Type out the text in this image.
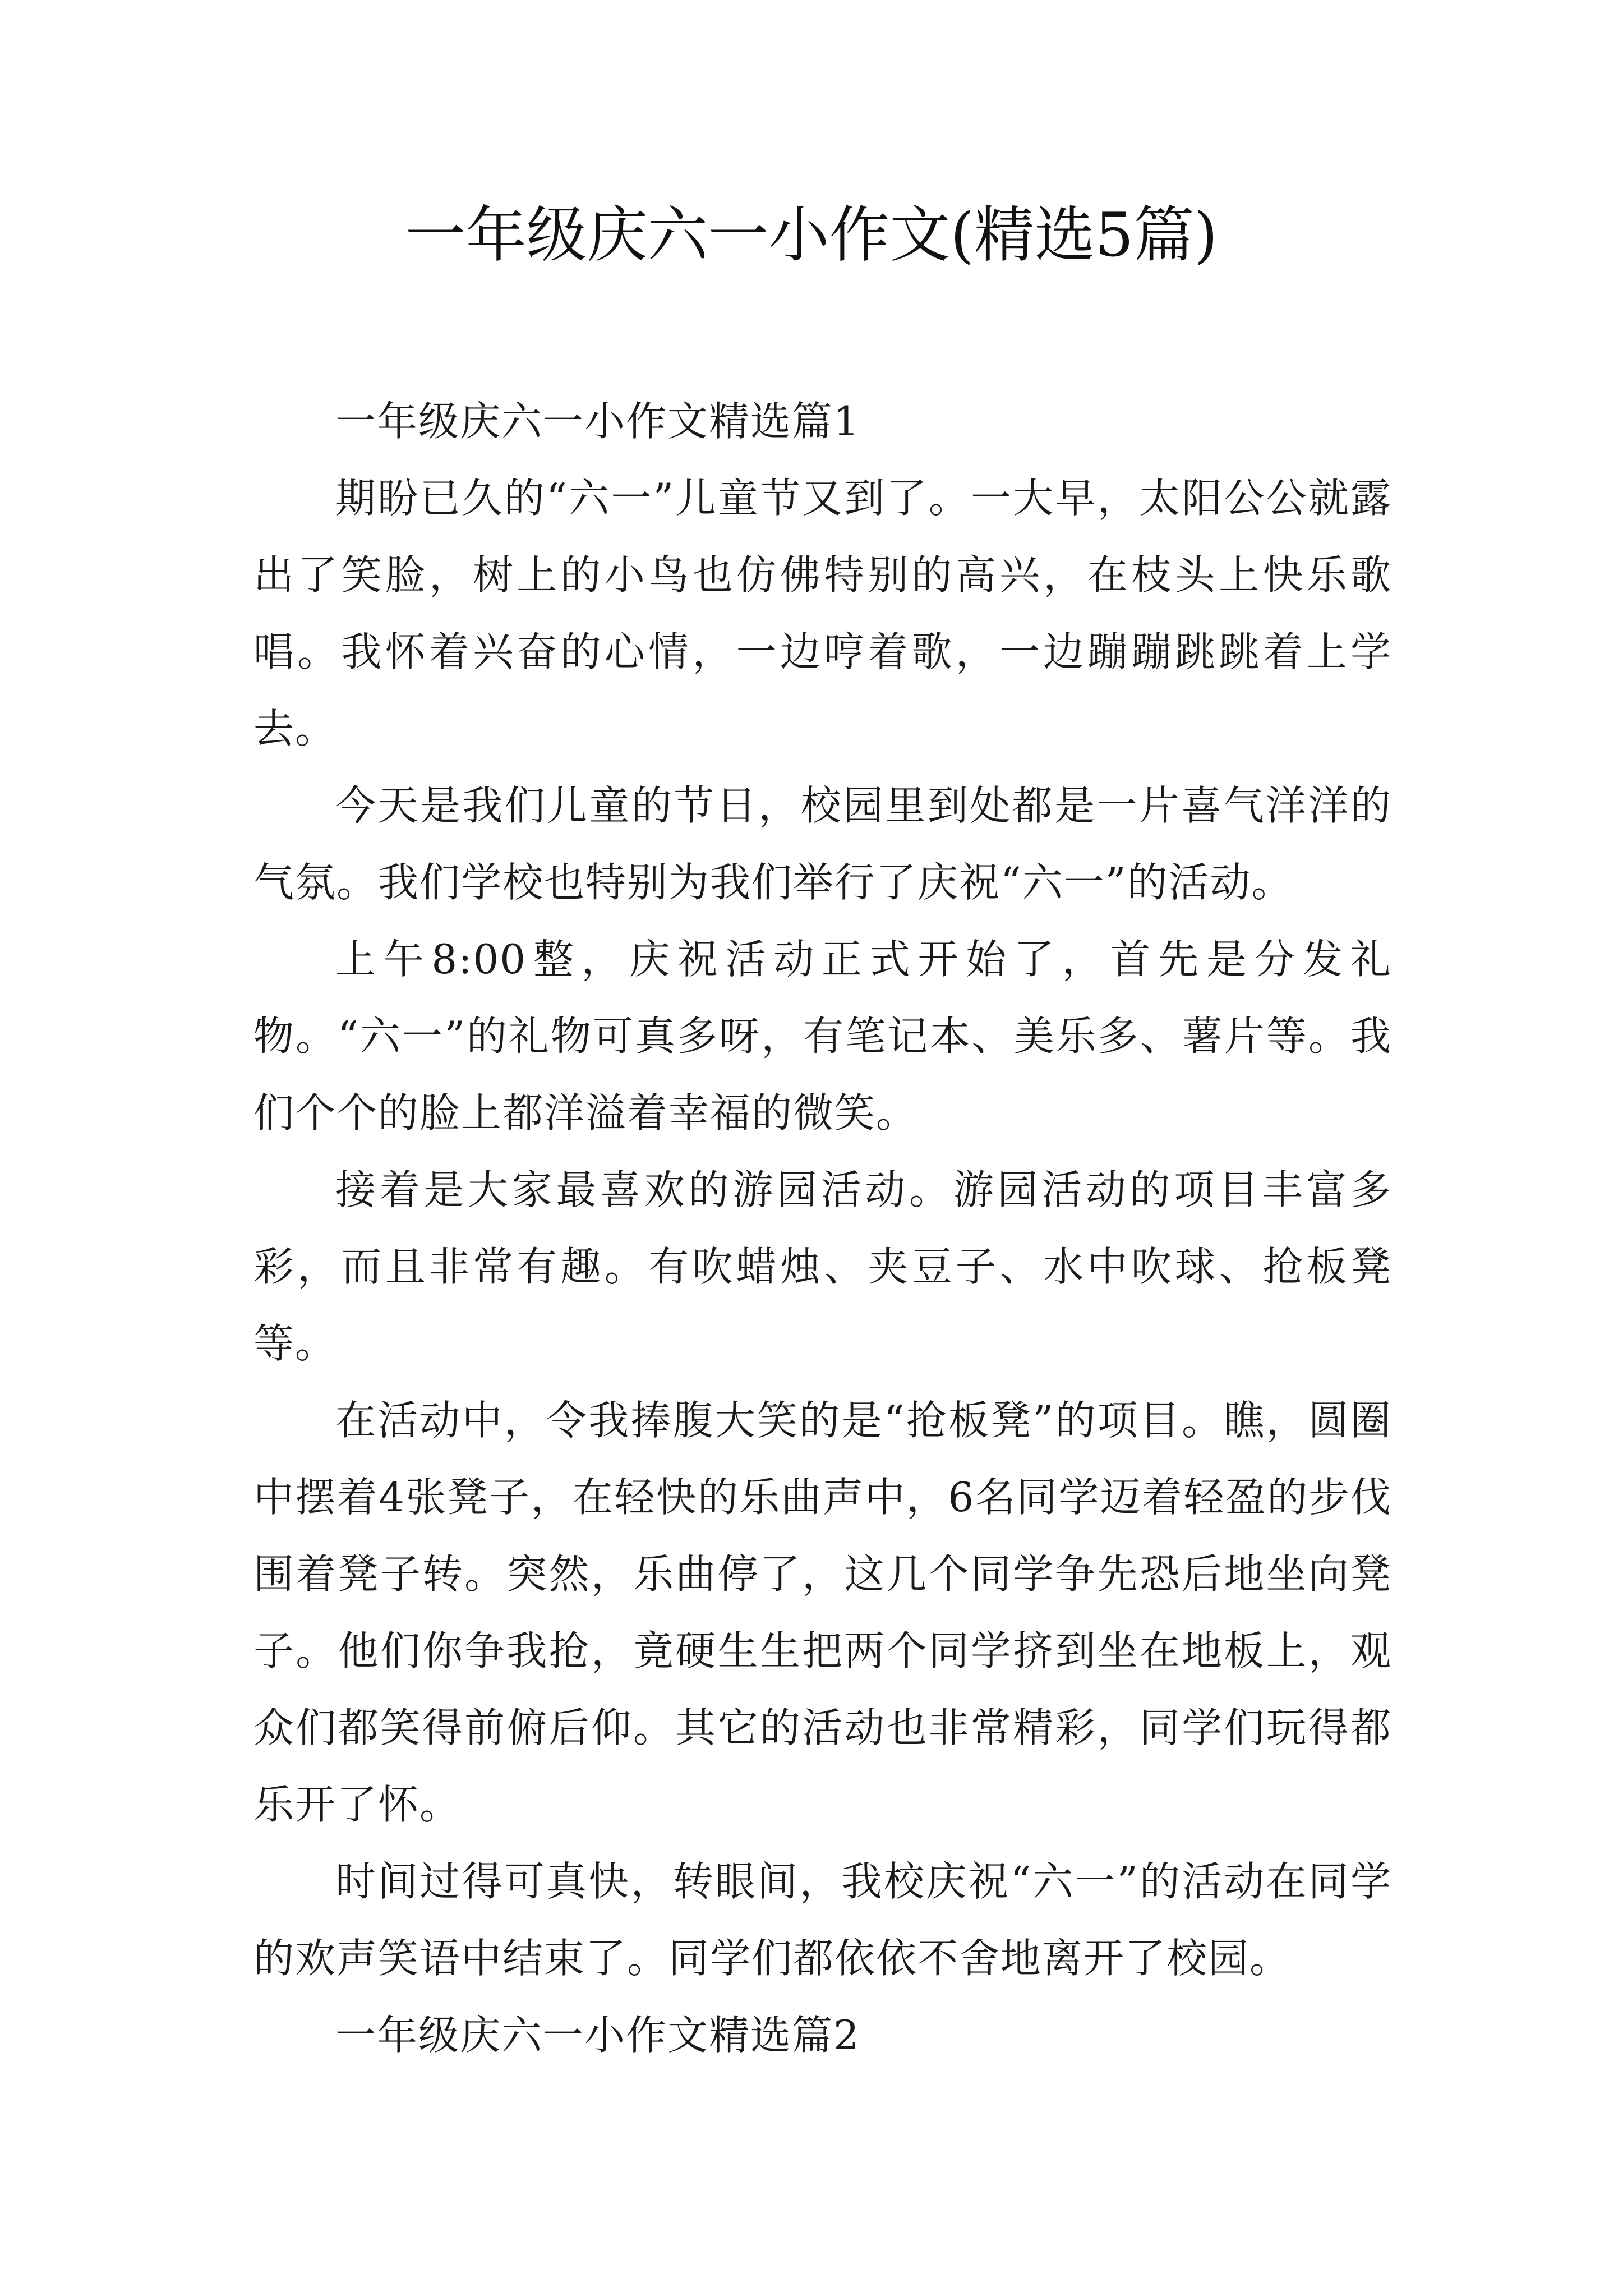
一年级庆六一小作文(精选5篇)

一年级庆六一小作文精选篇1

期盼已久的“六一”儿童节又到了。一大早，太阳公公就露出了笑脸，树上的小鸟也仿佛特别的高兴，在枝头上快乐歌唱。我怀着兴奋的心情，一边哼着歌，一边蹦蹦跳跳着上学去。

今天是我们儿童的节日，校园里到处都是一片喜气洋洋的气氛。我们学校也特别为我们举行了庆祝“六一”的活动。

上午8:00整，庆祝活动正式开始了，首先是分发礼物。“六一”的礼物可真多呀，有笔记本、美乐多、薯片等。我们个个的脸上都洋溢着幸福的微笑。

接着是大家最喜欢的游园活动。游园活动的项目丰富多彩，而且非常有趣。有吹蜡烛、夹豆子、水中吹球、抢板凳等。

在活动中，令我捧腹大笑的是“抢板凳”的项目。瞧，圆圈中摆着4张凳子，在轻快的乐曲声中，6名同学迈着轻盈的步伐围着凳子转。突然，乐曲停了，这几个同学争先恐后地坐向凳子。他们你争我抢，竟硬生生把两个同学挤到坐在地板上，观众们都笑得前俯后仰。其它的活动也非常精彩，同学们玩得都乐开了怀。

时间过得可真快，转眼间，我校庆祝“六一”的活动在同学的欢声笑语中结束了。同学们都依依不舍地离开了校园。

一年级庆六一小作文精选篇2
